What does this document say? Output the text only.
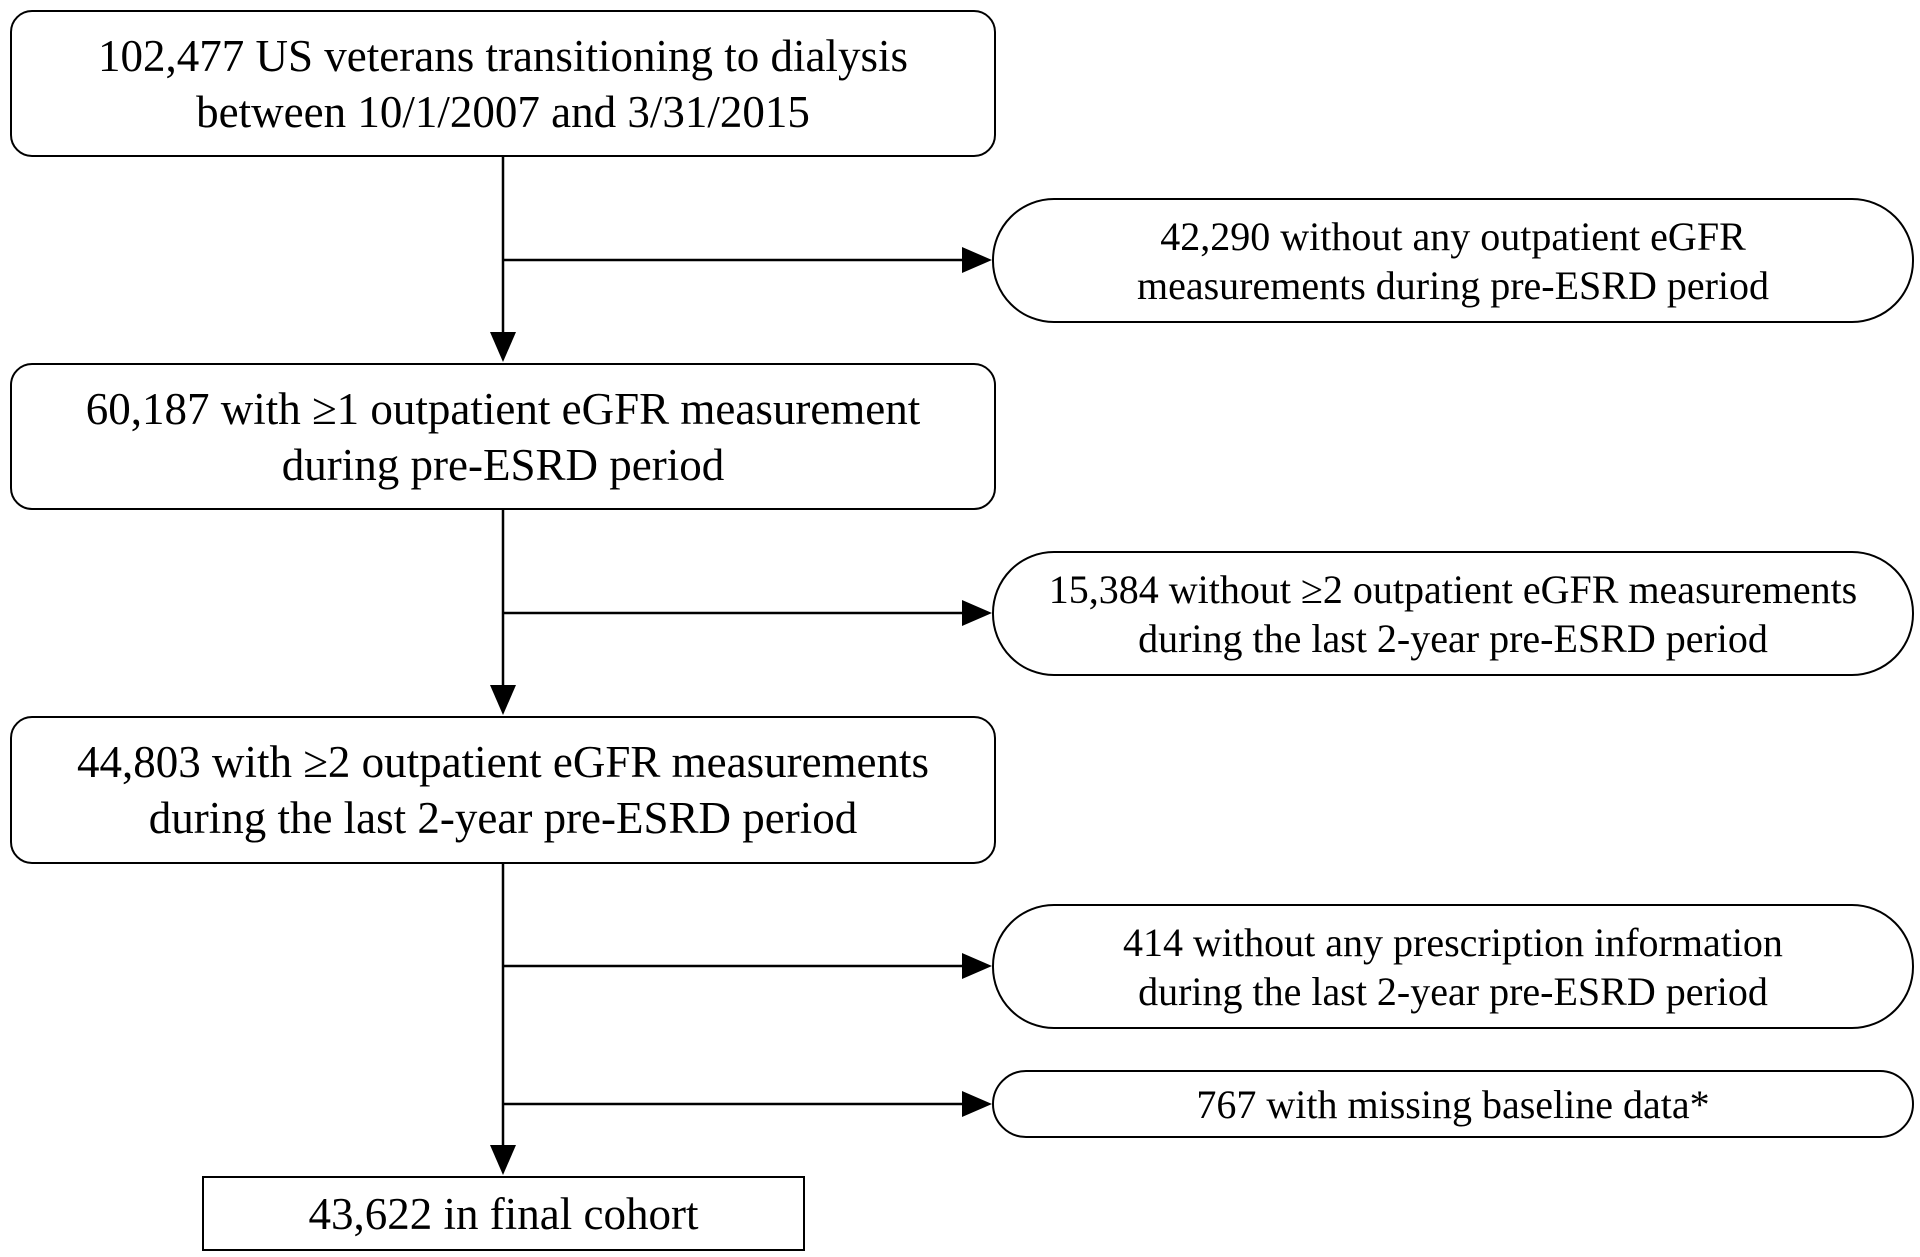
102,477 US veterans transitioning to dialysis
between 10/1/2007 and 3/31/2015
60,187 with ≥1 outpatient eGFR measurement
during pre-ESRD period
44,803 with ≥2 outpatient eGFR measurements
during the last 2-year pre-ESRD period
43,622 in final cohort
42,290 without any outpatient eGFR
measurements during pre-ESRD period
15,384 without ≥2 outpatient eGFR measurements
during the last 2-year pre-ESRD period
414 without any prescription information
during the last 2-year pre-ESRD period
767 with missing baseline data*
